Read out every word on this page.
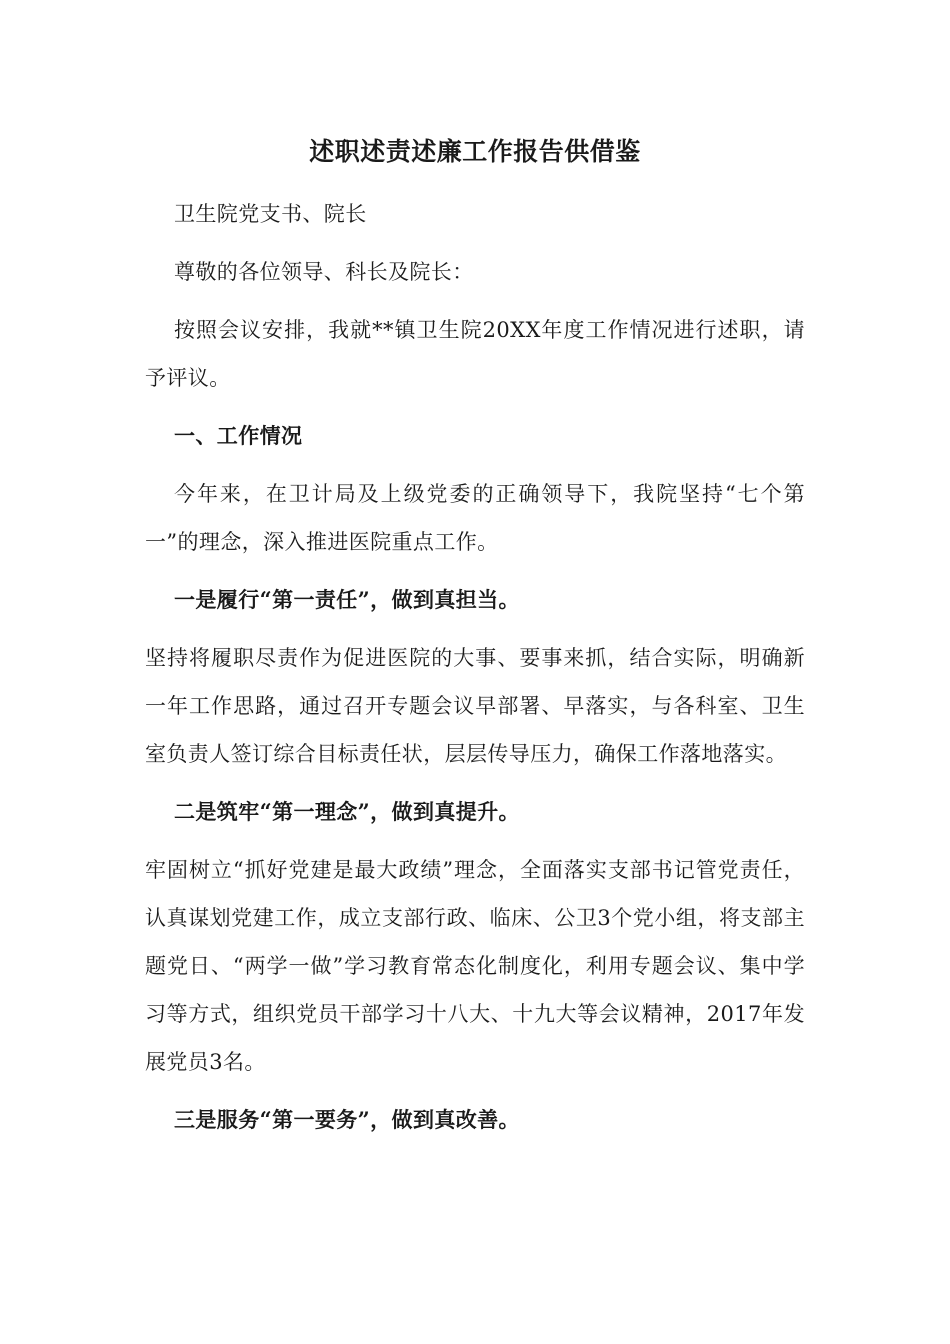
述职述责述廉工作报告供借鉴

卫生院党支书、院长

尊敬的各位领导、科长及院长：

按照会议安排，我就**镇卫生院20XX年度工作情况进行述职，请予评议。

一、工作情况

今年来，在卫计局及上级党委的正确领导下，我院坚持“七个第一”的理念，深入推进医院重点工作。

一是履行“第一责任”，做到真担当。

坚持将履职尽责作为促进医院的大事、要事来抓，结合实际，明确新一年工作思路，通过召开专题会议早部署、早落实，与各科室、卫生室负责人签订综合目标责任状，层层传导压力，确保工作落地落实。

二是筑牢“第一理念”，做到真提升。

牢固树立“抓好党建是最大政绩”理念，全面落实支部书记管党责任，认真谋划党建工作，成立支部行政、临床、公卫3个党小组，将支部主题党日、“两学一做”学习教育常态化制度化，利用专题会议、集中学习等方式，组织党员干部学习十八大、十九大等会议精神，2017年发展党员3名。

三是服务“第一要务”，做到真改善。
